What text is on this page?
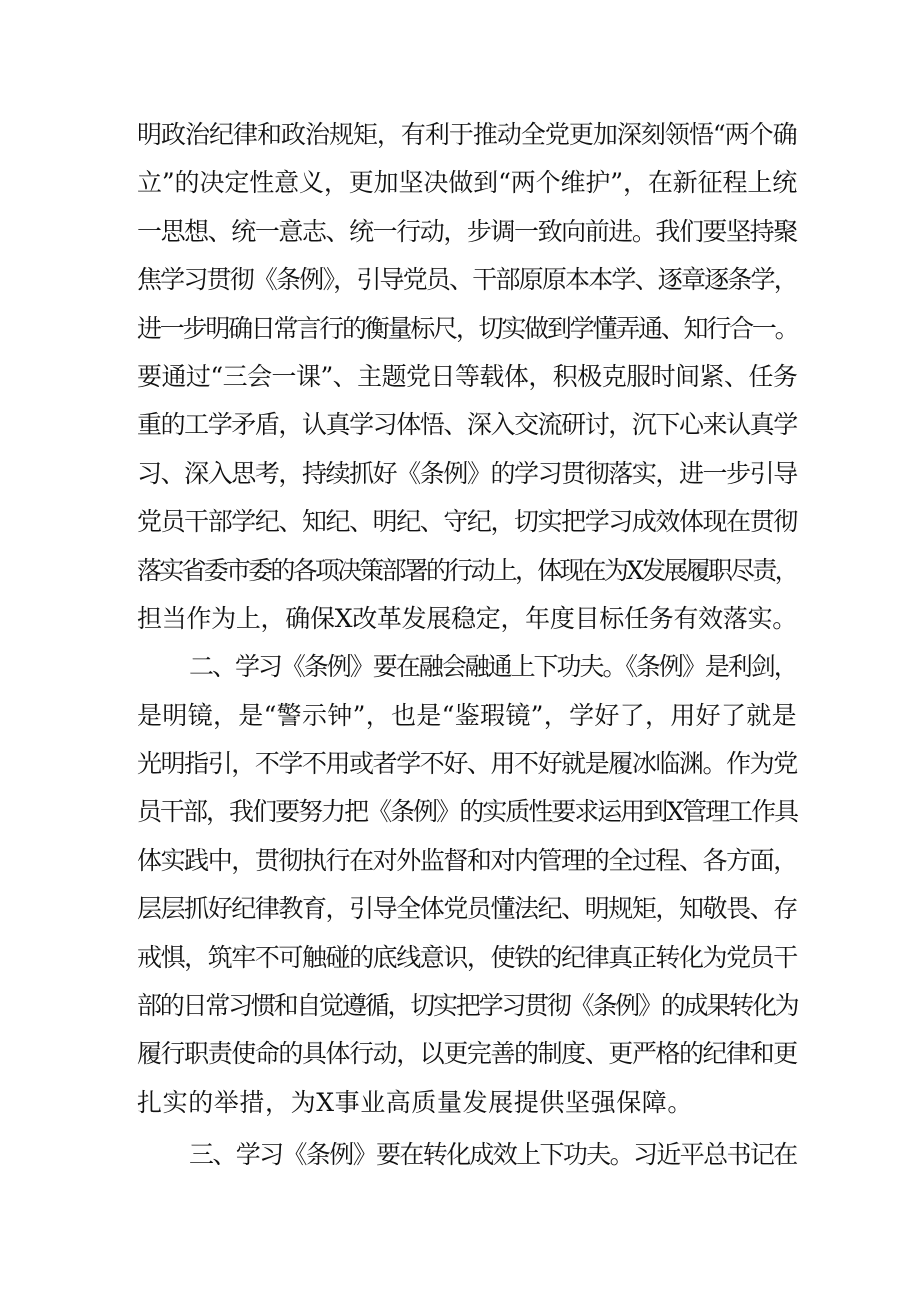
明政治纪律和政治规矩，有利于推动全党更加深刻领悟“两个确
立”的决定性意义，更加坚决做到“两个维护”，在新征程上统
一思想、统一意志、统一行动，步调一致向前进。我们要坚持聚
焦学习贯彻《条例》，引导党员、干部原原本本学、逐章逐条学，
进一步明确日常言行的衡量标尺，切实做到学懂弄通、知行合一。
要通过“三会一课”、主题党日等载体，积极克服时间紧、任务
重的工学矛盾，认真学习体悟、深入交流研讨，沉下心来认真学
习、深入思考，持续抓好《条例》的学习贯彻落实，进一步引导
党员干部学纪、知纪、明纪、守纪，切实把学习成效体现在贯彻
落实省委市委的各项决策部署的行动上，体现在为X发展履职尽责，
担当作为上，确保X改革发展稳定，年度目标任务有效落实。
二、学习《条例》要在融会融通上下功夫。《条例》是利剑，
是明镜，是“警示钟”，也是“鉴瑕镜”，学好了，用好了就是
光明指引，不学不用或者学不好、用不好就是履冰临渊。作为党
员干部，我们要努力把《条例》的实质性要求运用到X管理工作具
体实践中，贯彻执行在对外监督和对内管理的全过程、各方面，
层层抓好纪律教育，引导全体党员懂法纪、明规矩，知敬畏、存
戒惧，筑牢不可触碰的底线意识，使铁的纪律真正转化为党员干
部的日常习惯和自觉遵循，切实把学习贯彻《条例》的成果转化为
履行职责使命的具体行动，以更完善的制度、更严格的纪律和更
扎实的举措，为X事业高质量发展提供坚强保障。
三、学习《条例》要在转化成效上下功夫。习近平总书记在
